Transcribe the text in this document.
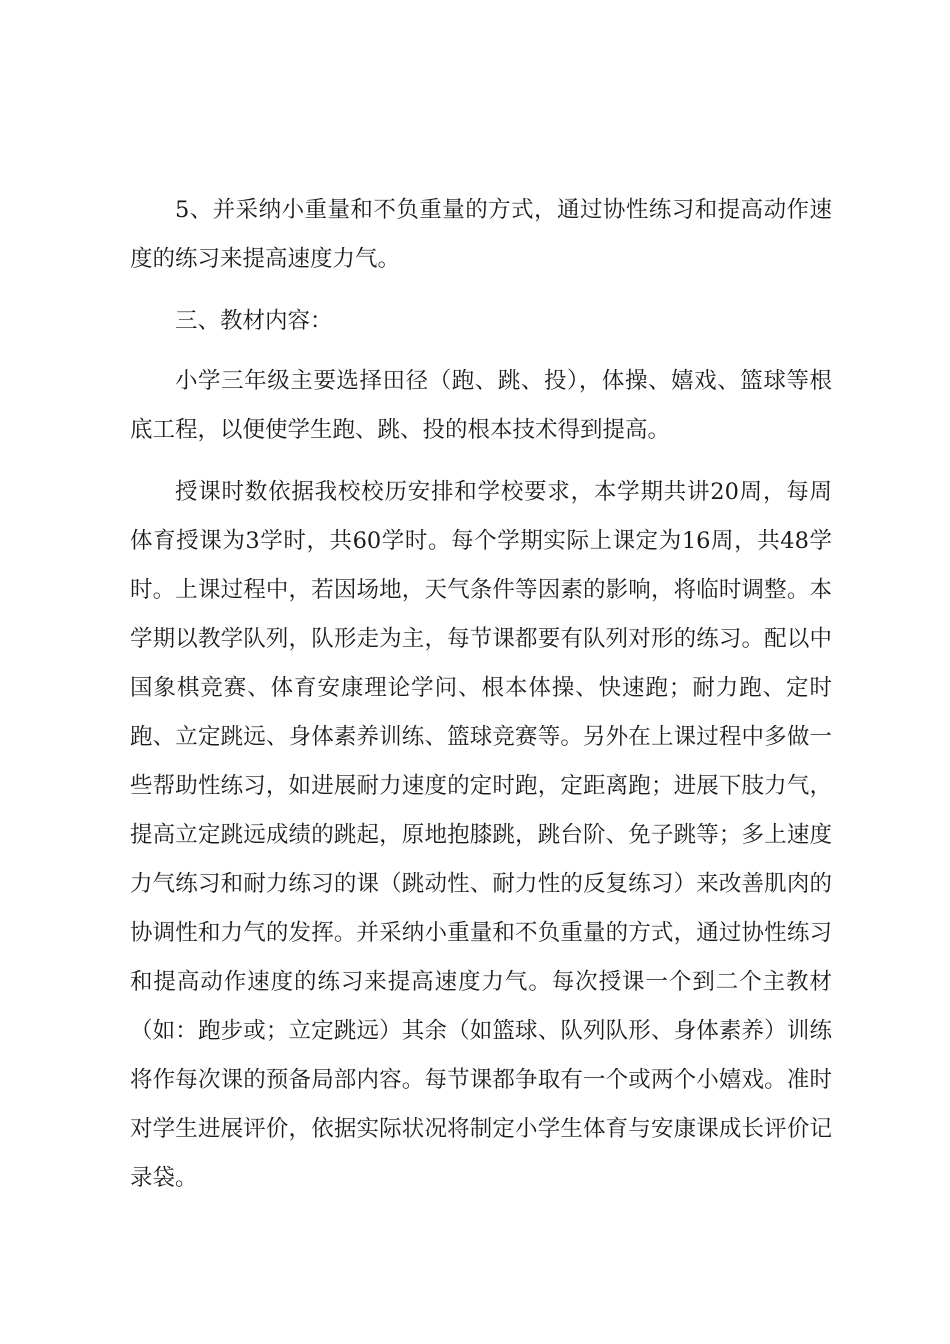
5、并采纳小重量和不负重量的方式，通过协性练习和提高动作速度的练习来提高速度力气。

三、教材内容：

小学三年级主要选择田径（跑、跳、投），体操、嬉戏、篮球等根底工程，以便使学生跑、跳、投的根本技术得到提高。

授课时数依据我校校历安排和学校要求，本学期共讲20周，每周体育授课为3学时，共60学时。每个学期实际上课定为16周，共48学时。上课过程中，若因场地，天气条件等因素的影响，将临时调整。本学期以教学队列，队形走为主，每节课都要有队列对形的练习。配以中国象棋竞赛、体育安康理论学问、根本体操、快速跑；耐力跑、定时跑、立定跳远、身体素养训练、篮球竞赛等。另外在上课过程中多做一些帮助性练习，如进展耐力速度的定时跑，定距离跑；进展下肢力气，提高立定跳远成绩的跳起，原地抱膝跳，跳台阶、免子跳等；多上速度力气练习和耐力练习的课（跳动性、耐力性的反复练习）来改善肌肉的协调性和力气的发挥。并采纳小重量和不负重量的方式，通过协性练习和提高动作速度的练习来提高速度力气。每次授课一个到二个主教材（如：跑步或；立定跳远）其余（如篮球、队列队形、身体素养）训练将作每次课的预备局部内容。每节课都争取有一个或两个小嬉戏。准时对学生进展评价，依据实际状况将制定小学生体育与安康课成长评价记录袋。
